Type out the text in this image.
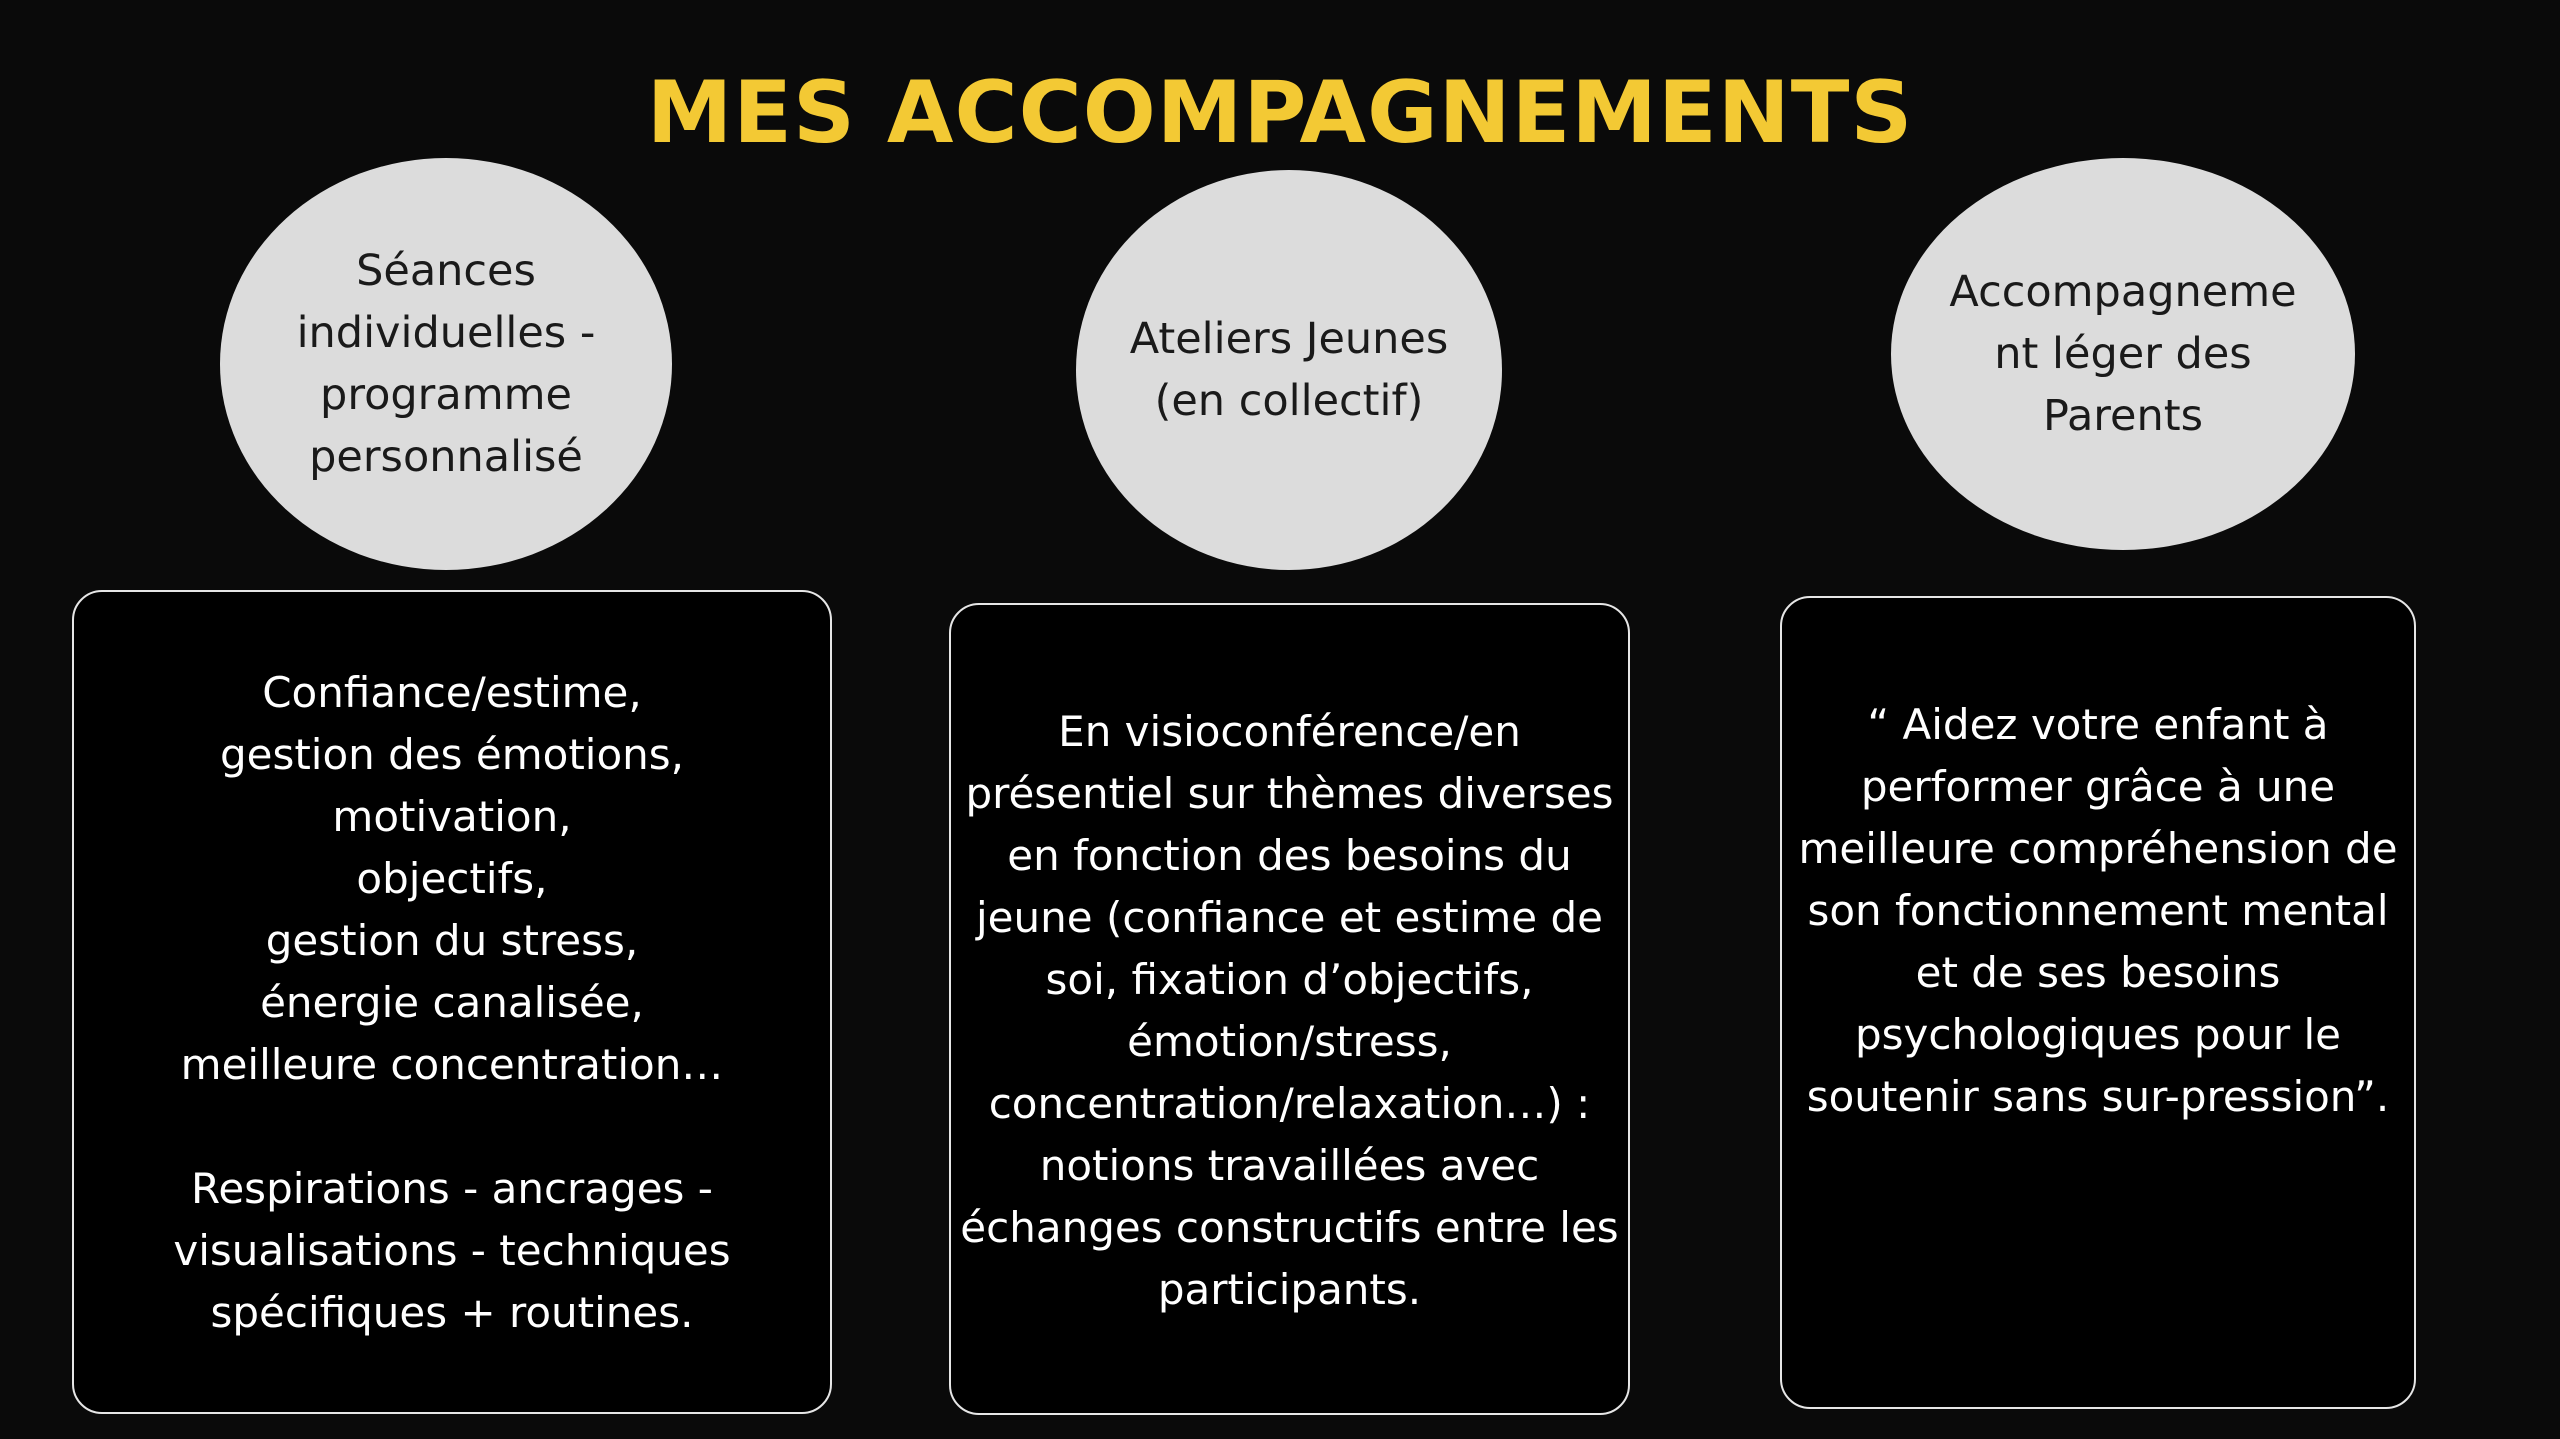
MES ACCOMPAGNEMENTS
Séances
individuelles -
programme
personnalisé
Ateliers Jeunes
(en collectif)
Accompagneme
nt léger des
Parents

Confiance/estime,
gestion des émotions,
motivation,
objectifs,
gestion du stress,
énergie canalisée,
meilleure concentration…

Respirations - ancrages -
visualisations - techniques
spécifiques + routines.

En visioconférence/en
présentiel sur thèmes diverses
en fonction des besoins du
jeune (confiance et estime de
soi, fixation d’objectifs,
émotion/stress,
concentration/relaxation…) :
notions travaillées avec
échanges constructifs entre les
participants.

“ Aidez votre enfant à
performer grâce à une
meilleure compréhension de
son fonctionnement mental
et de ses besoins
psychologiques pour le
soutenir sans sur-pression”.
